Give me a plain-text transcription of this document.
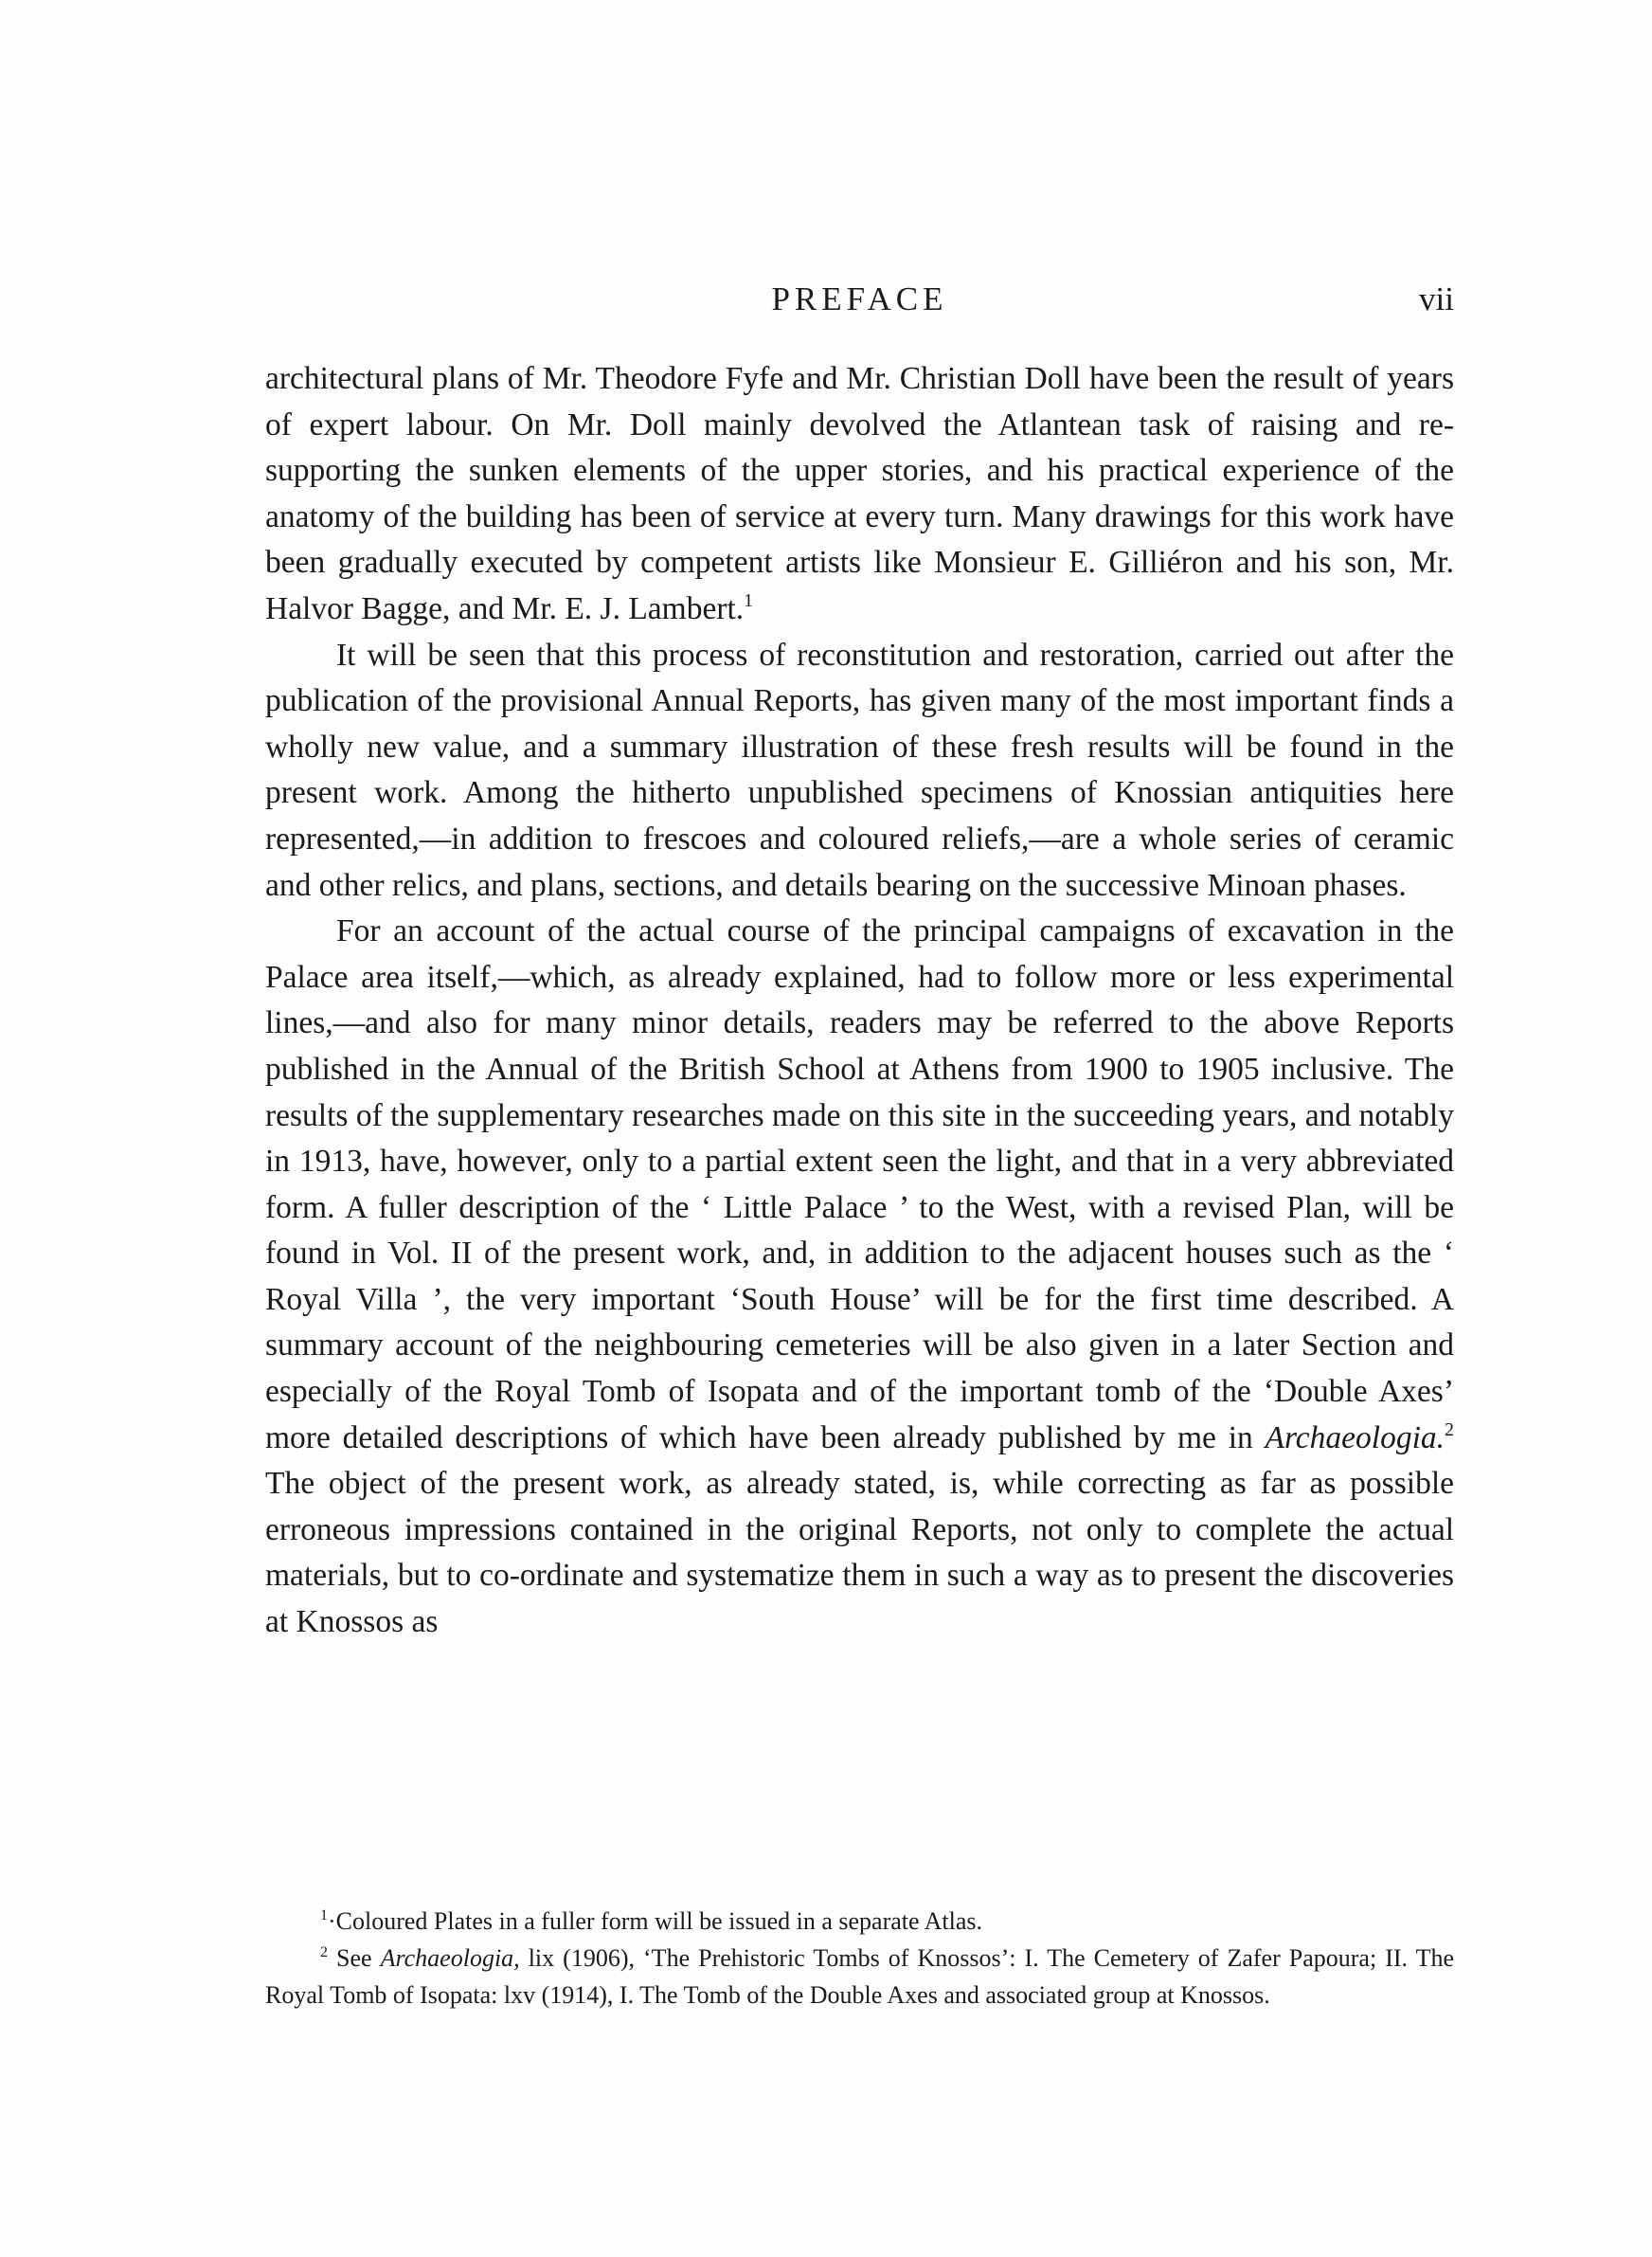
PREFACE	vii

architectural plans of Mr. Theodore Fyfe and Mr. Christian Doll have been the result of years of expert labour. On Mr. Doll mainly devolved the Atlantean task of raising and re-supporting the sunken elements of the upper stories, and his practical experience of the anatomy of the building has been of service at every turn. Many drawings for this work have been gradually executed by competent artists like Monsieur E. Gilliéron and his son, Mr. Halvor Bagge, and Mr. E. J. Lambert.$^1$

It will be seen that this process of reconstitution and restoration, carried out after the publication of the provisional Annual Reports, has given many of the most important finds a wholly new value, and a summary illustration of these fresh results will be found in the present work. Among the hitherto unpublished specimens of Knossian antiquities here represented,—in addition to frescoes and coloured reliefs,—are a whole series of ceramic and other relics, and plans, sections, and details bearing on the successive Minoan phases.

For an account of the actual course of the principal campaigns of excavation in the Palace area itself,—which, as already explained, had to follow more or less experimental lines,—and also for many minor details, readers may be referred to the above Reports published in the Annual of the British School at Athens from 1900 to 1905 inclusive. The results of the supplementary researches made on this site in the succeeding years, and notably in 1913, have, however, only to a partial extent seen the light, and that in a very abbreviated form. A fuller description of the ‘ Little Palace ’ to the West, with a revised Plan, will be found in Vol. II of the present work, and, in addition to the adjacent houses such as the ‘ Royal Villa ’, the very important ‘South House’ will be for the first time described. A summary account of the neighbouring cemeteries will be also given in a later Section and especially of the Royal Tomb of Isopata and of the important tomb of the ‘Double Axes’ more detailed descriptions of which have been already published by me in Archaeologia.$^2$ The object of the present work, as already stated, is, while correcting as far as possible erroneous impressions contained in the original Reports, not only to complete the actual materials, but to co-ordinate and systematize them in such a way as to present the discoveries at Knossos as

$^1$·Coloured Plates in a fuller form will be issued in a separate Atlas.

$^2$ See Archaeologia, lix (1906), ‘The Prehistoric Tombs of Knossos’: I. The Cemetery of Zafer Papoura; II. The Royal Tomb of Isopata: lxv (1914), I. The Tomb of the Double Axes and associated group at Knossos.
